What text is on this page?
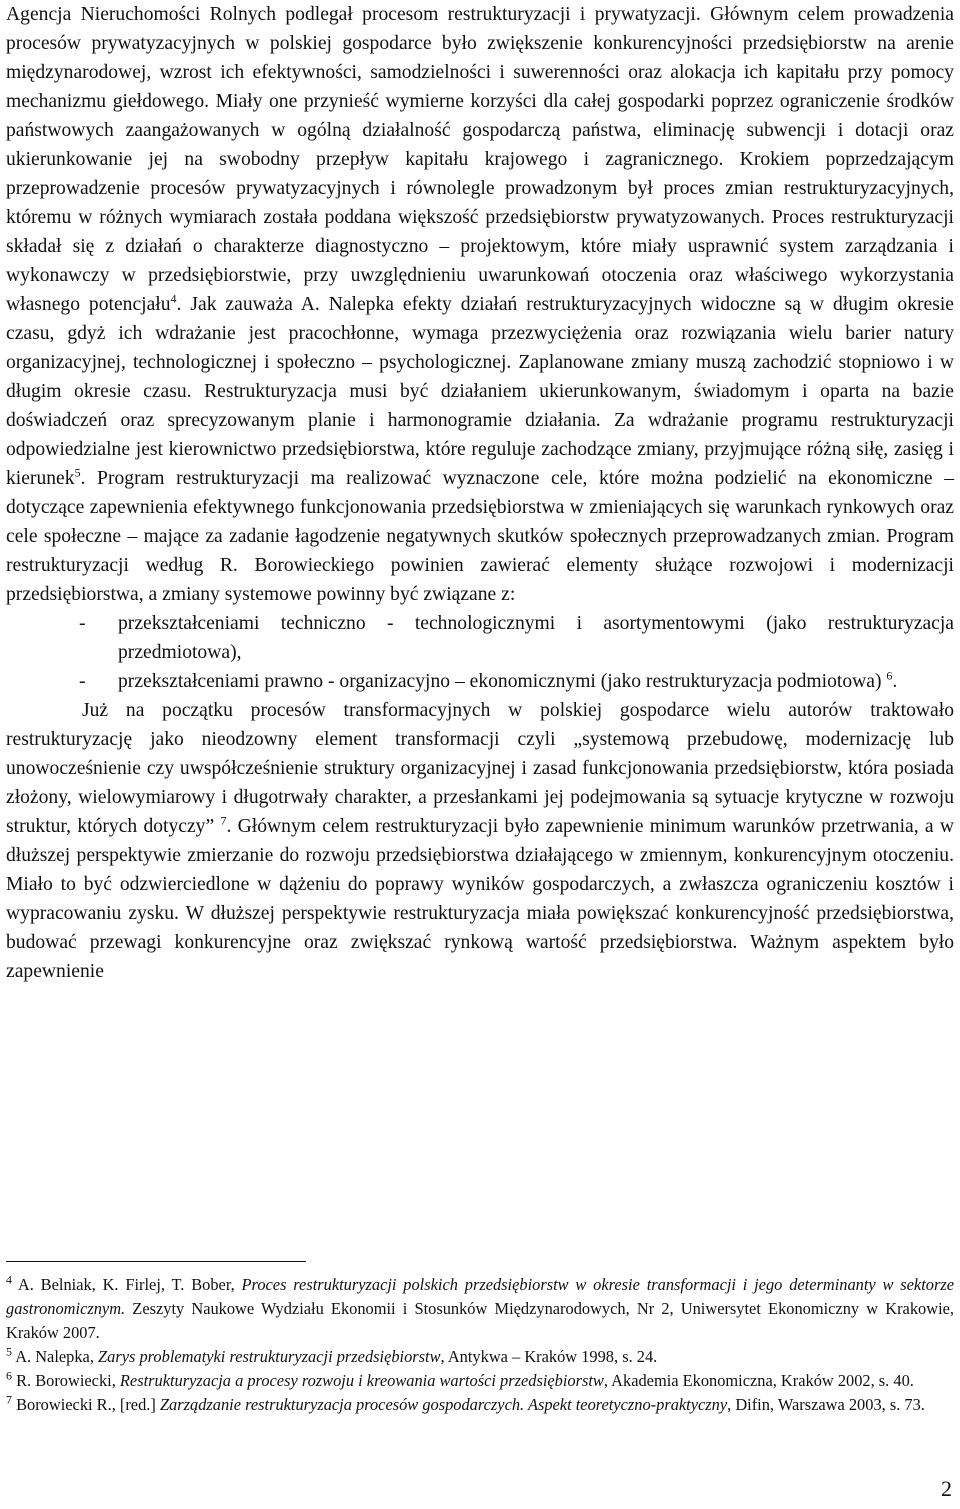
Agencja Nieruchomości Rolnych podlegał procesom restrukturyzacji i prywatyzacji. Głównym celem prowadzenia procesów prywatyzacyjnych w polskiej gospodarce było zwiększenie konkurencyjności przedsiębiorstw na arenie międzynarodowej, wzrost ich efektywności, samodzielności i suwerenności oraz alokacja ich kapitału przy pomocy mechanizmu giełdowego. Miały one przynieść wymierne korzyści dla całej gospodarki poprzez ograniczenie środków państwowych zaangażowanych w ogólną działalność gospodarczą państwa, eliminację subwencji i dotacji oraz ukierunkowanie jej na swobodny przepływ kapitału krajowego i zagranicznego. Krokiem poprzedzającym przeprowadzenie procesów prywatyzacyjnych i równolegle prowadzonym był proces zmian restrukturyzacyjnych, któremu w różnych wymiarach została poddana większość przedsiębiorstw prywatyzowanych. Proces restrukturyzacji składał się z działań o charakterze diagnostyczno – projektowym, które miały usprawnić system zarządzania i wykonawczy w przedsiębiorstwie, przy uwzględnieniu uwarunkowań otoczenia oraz właściwego wykorzystania własnego potencjału$^4$. Jak zauważa A. Nalepka efekty działań restrukturyzacyjnych widoczne są w długim okresie czasu, gdyż ich wdrażanie jest pracochłonne, wymaga przezwyciężenia oraz rozwiązania wielu barier natury organizacyjnej, technologicznej i społeczno – psychologicznej. Zaplanowane zmiany muszą zachodzić stopniowo i w długim okresie czasu. Restrukturyzacja musi być działaniem ukierunkowanym, świadomym i oparta na bazie doświadczeń oraz sprecyzowanym planie i harmonogramie działania. Za wdrażanie programu restrukturyzacji odpowiedzialne jest kierownictwo przedsiębiorstwa, które reguluje zachodzące zmiany, przyjmujące różną siłę, zasięg i kierunek$^5$. Program restrukturyzacji ma realizować wyznaczone cele, które można podzielić na ekonomiczne – dotyczące zapewnienia efektywnego funkcjonowania przedsiębiorstwa w zmieniających się warunkach rynkowych oraz cele społeczne – mające za zadanie łagodzenie negatywnych skutków społecznych przeprowadzanych zmian. Program restrukturyzacji według R. Borowieckiego powinien zawierać elementy służące rozwojowi i modernizacji przedsiębiorstwa, a zmiany systemowe powinny być związane z:

- przekształceniami techniczno - technologicznymi i asortymentowymi (jako restrukturyzacja przedmiotowa),
- przekształceniami prawno - organizacyjno – ekonomicznymi (jako restrukturyzacja podmiotowa) $^6$.

Już na początku procesów transformacyjnych w polskiej gospodarce wielu autorów traktowało restrukturyzację jako nieodzowny element transformacji czyli „systemową przebudowę, modernizację lub unowocześnienie czy uwspółcześnienie struktury organizacyjnej i zasad funkcjonowania przedsiębiorstw, która posiada złożony, wielowymiarowy i długotrwały charakter, a przesłankami jej podejmowania są sytuacje krytyczne w rozwoju struktur, których dotyczy” $^7$. Głównym celem restrukturyzacji było zapewnienie minimum warunków przetrwania, a w dłuższej perspektywie zmierzanie do rozwoju przedsiębiorstwa działającego w zmiennym, konkurencyjnym otoczeniu. Miało to być odzwierciedlone w dążeniu do poprawy wyników gospodarczych, a zwłaszcza ograniczeniu kosztów i wypracowaniu zysku. W dłuższej perspektywie restrukturyzacja miała powiększać konkurencyjność przedsiębiorstwa, budować przewagi konkurencyjne oraz zwiększać rynkową wartość przedsiębiorstwa. Ważnym aspektem było zapewnienie

$^4$ A. Belniak, K. Firlej, T. Bober, Proces restrukturyzacji polskich przedsiębiorstw w okresie transformacji i jego determinanty w sektorze gastronomicznym. Zeszyty Naukowe Wydziału Ekonomii i Stosunków Międzynarodowych, Nr 2, Uniwersytet Ekonomiczny w Krakowie, Kraków 2007.

$^5$ A. Nalepka, Zarys problematyki restrukturyzacji przedsiębiorstw, Antykwa – Kraków 1998, s. 24.

$^6$ R. Borowiecki, Restrukturyzacja a procesy rozwoju i kreowania wartości przedsiębiorstw, Akademia Ekonomiczna, Kraków 2002, s. 40.

$^7$ Borowiecki R., [red.] Zarządzanie restrukturyzacja procesów gospodarczych. Aspekt teoretyczno-praktyczny, Difin, Warszawa 2003, s. 73.

2
